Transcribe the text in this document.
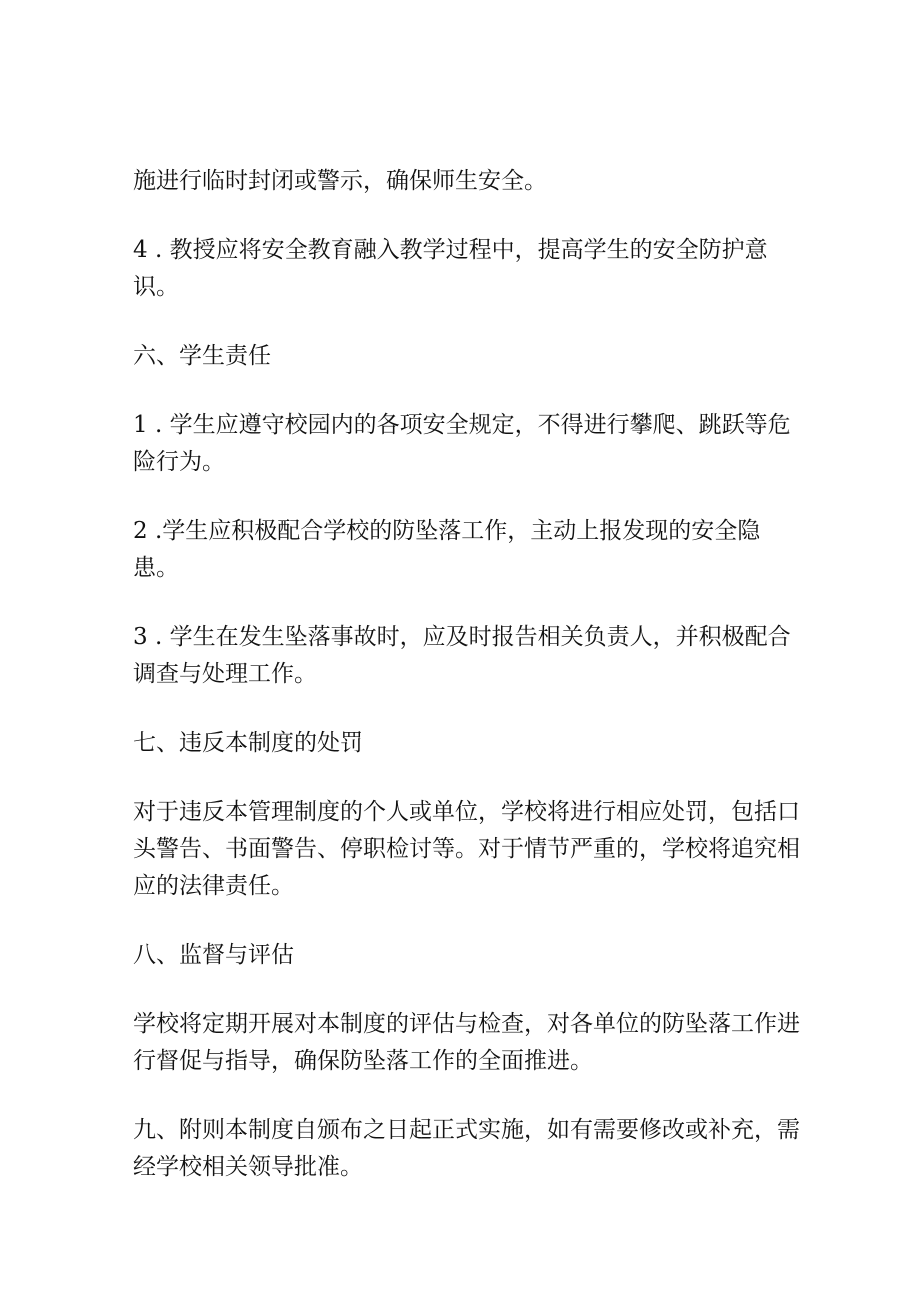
施进行临时封闭或警示，确保师生安全。

4 . 教授应将安全教育融入教学过程中，提高学生的安全防护意识。

六、学生责任

1 . 学生应遵守校园内的各项安全规定，不得进行攀爬、跳跃等危险行为。

2 .学生应积极配合学校的防坠落工作，主动上报发现的安全隐患。

3 . 学生在发生坠落事故时，应及时报告相关负责人，并积极配合调查与处理工作。

七、违反本制度的处罚

对于违反本管理制度的个人或单位，学校将进行相应处罚，包括口头警告、书面警告、停职检讨等。对于情节严重的，学校将追究相应的法律责任。

八、监督与评估

学校将定期开展对本制度的评估与检查，对各单位的防坠落工作进行督促与指导，确保防坠落工作的全面推进。

九、附则本制度自颁布之日起正式实施，如有需要修改或补充，需经学校相关领导批准。
